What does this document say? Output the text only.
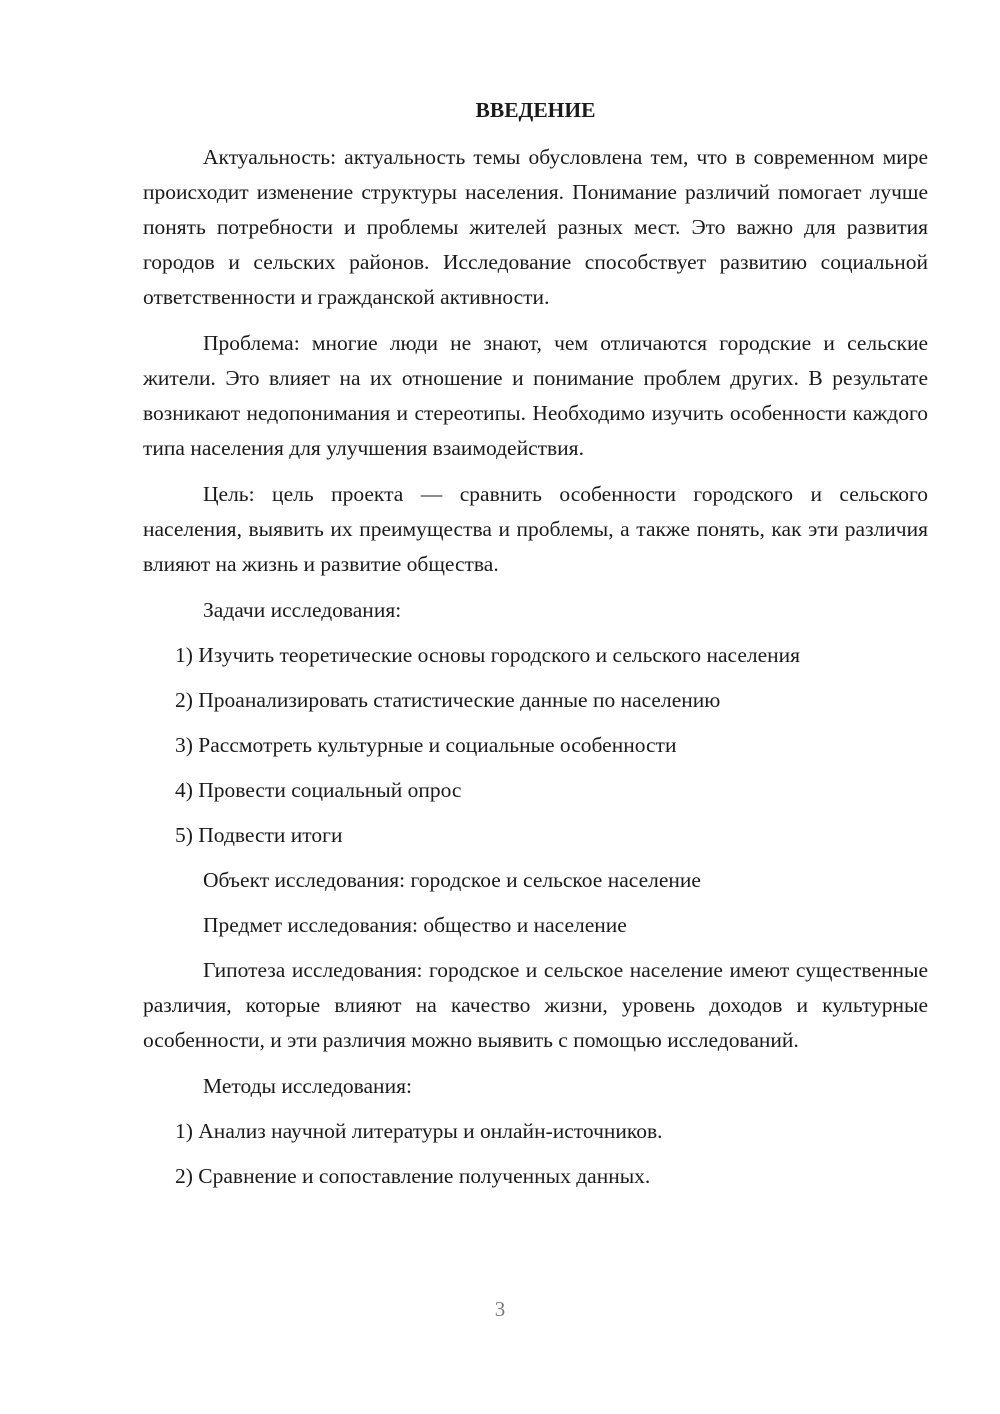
ВВЕДЕНИЕ

Актуальность: актуальность темы обусловлена тем, что в современном мире происходит изменение структуры населения. Понимание различий помогает лучше понять потребности и проблемы жителей разных мест. Это важно для развития городов и сельских районов. Исследование способствует развитию социальной ответственности и гражданской активности.

Проблема: многие люди не знают, чем отличаются городские и сельские жители. Это влияет на их отношение и понимание проблем других. В результате возникают недопонимания и стереотипы. Необходимо изучить особенности каждого типа населения для улучшения взаимодействия.

Цель: цель проекта — сравнить особенности городского и сельского населения, выявить их преимущества и проблемы, а также понять, как эти различия влияют на жизнь и развитие общества.

Задачи исследования:
1) Изучить теоретические основы городского и сельского населения
2) Проанализировать статистические данные по населению
3) Рассмотреть культурные и социальные особенности
4) Провести социальный опрос
5) Подвести итоги
Объект исследования: городское и сельское население
Предмет исследования: общество и население

Гипотеза исследования: городское и сельское население имеют существенные различия, которые влияют на качество жизни, уровень доходов и культурные особенности, и эти различия можно выявить с помощью исследований.

Методы исследования:
1) Анализ научной литературы и онлайн-источников.
2) Сравнение и сопоставление полученных данных.
3
